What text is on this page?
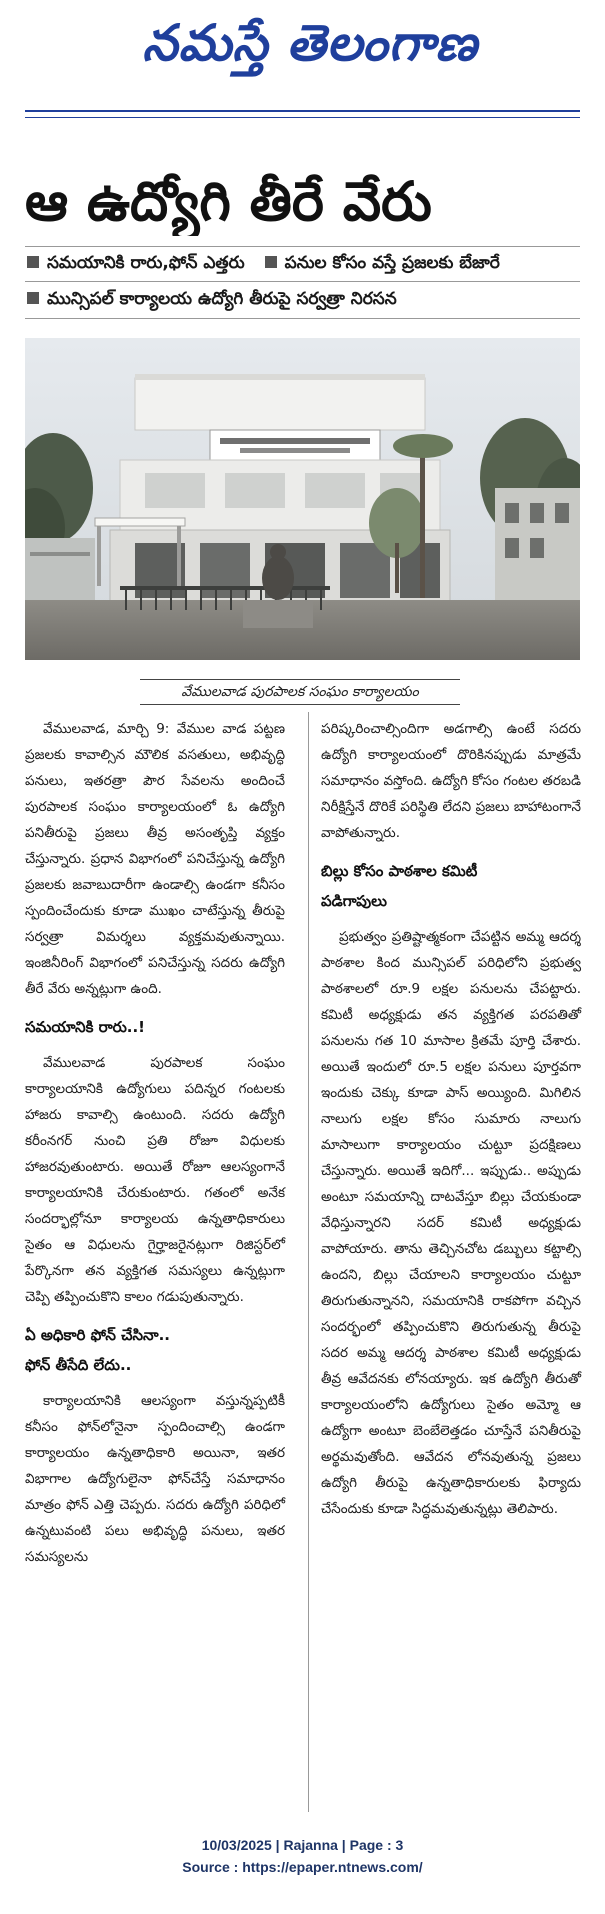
నమస్తే తెలంగాణ
ఆ ఉద్యోగి తీరే వేరు
సమయానికి రారు,ఫోన్ ఎత్తరు పనుల కోసం వస్తే ప్రజలకు బేజారే
మున్సిపల్ కార్యాలయ ఉద్యోగి తీరుపై సర్వత్రా నిరసన
వేములవాడ పురపాలక సంఘం కార్యాలయం

వేములవాడ, మార్చి 9: వేముల వాడ పట్టణ ప్రజలకు కావాల్సిన మౌలిక వసతులు, అభివృద్ధి పనులు, ఇతరత్రా పౌర సేవలను అందించే పురపాలక సంఘం కార్యాలయంలో ఓ ఉద్యోగి పనితీరుపై ప్రజలు తీవ్ర అసంతృప్తి వ్యక్తం చేస్తున్నారు. ప్రధాన విభాగంలో పనిచేస్తున్న ఉద్యోగి ప్రజలకు జవాబుదారీగా ఉండాల్సి ఉండగా కనీసం స్పందించేందుకు కూడా ముఖం చాటేస్తున్న తీరుపై సర్వత్రా విమర్శలు వ్యక్తమవుతున్నాయి. ఇంజినీరింగ్ విభాగంలో పనిచేస్తున్న సదరు ఉద్యోగి తీరే వేరు అన్నట్లుగా ఉంది.

సమయానికి రారు..!

వేములవాడ పురపాలక సంఘం కార్యాలయానికి ఉద్యోగులు పదిన్నర గంటలకు హాజరు కావాల్సి ఉంటుంది. సదరు ఉద్యోగి కరీంనగర్ నుంచి ప్రతి రోజూ విధులకు హాజరవుతుంటారు. అయితే రోజూ ఆలస్యంగానే కార్యాలయానికి చేరుకుంటారు. గతంలో అనేక సందర్భాల్లోనూ కార్యాలయ ఉన్నతాధికారులు సైతం ఆ విధులను గైర్హాజరైనట్లుగా రిజిస్టర్‌లో పేర్కొనగా తన వ్యక్తిగత సమస్యలు ఉన్నట్లుగా చెప్పి తప్పించుకొని కాలం గడుపుతున్నారు.

ఏ అధికారి ఫోన్ చేసినా..
ఫోన్ తీసేది లేదు..

కార్యాలయానికి ఆలస్యంగా వస్తున్నప్పటికీ కనీసం ఫోన్‌లోనైనా స్పందించాల్సి ఉండగా కార్యాలయం ఉన్నతాధికారి అయినా, ఇతర విభాగాల ఉద్యోగులైనా ఫోన్‌చేస్తే సమాధానం మాత్రం ఫోన్ ఎత్తి చెప్పరు. సదరు ఉద్యోగి పరిధిలో ఉన్నటువంటి పలు అభివృద్ధి పనులు, ఇతర సమస్యలను

పరిష్కరించాల్సిందిగా అడగాల్సి ఉంటే సదరు ఉద్యోగి కార్యాలయంలో దొరికినప్పుడు మాత్రమే సమాధానం వస్తోంది. ఉద్యోగి కోసం గంటల తరబడి నిరీక్షిస్తేనే దొరికే పరిస్థితి లేదని ప్రజలు బాహాటంగానే వాపోతున్నారు.

బిల్లు కోసం పాఠశాల కమిటీ
పడిగాపులు

ప్రభుత్వం ప్రతిష్టాత్మకంగా చేపట్టిన అమ్మ ఆదర్శ పాఠశాల కింద మున్సిపల్ పరిధిలోని ప్రభుత్వ పాఠశాలలో రూ.9 లక్షల పనులను చేపట్టారు. కమిటీ అధ్యక్షుడు తన వ్యక్తిగత పరపతితో పనులను గత 10 మాసాల క్రితమే పూర్తి చేశారు. అయితే ఇందులో రూ.5 లక్షల పనులు పూర్తవగా ఇందుకు చెక్కు కూడా పాస్ అయ్యింది. మిగిలిన నాలుగు లక్షల కోసం సుమారు నాలుగు మాసాలుగా కార్యాలయం చుట్టూ ప్రదక్షిణలు చేస్తున్నారు. అయితే ఇదిగో... ఇప్పుడు.. అప్పుడు అంటూ సమయాన్ని దాటవేస్తూ బిల్లు చేయకుండా వేధిస్తున్నారని సదర్ కమిటీ అధ్యక్షుడు వాపోయారు. తాను తెచ్చినచోట డబ్బులు కట్టాల్సి ఉందని, బిల్లు చేయాలని కార్యాలయం చుట్టూ తిరుగుతున్నానని, సమయానికి రాకపోగా వచ్చిన సందర్భంలో తప్పించుకొని తిరుగుతున్న తీరుపై సదర అమ్మ ఆదర్శ పాఠశాల కమిటీ అధ్యక్షుడు తీవ్ర ఆవేదనకు లోనయ్యారు. ఇక ఉద్యోగి తీరుతో కార్యాలయంలోని ఉద్యోగులు సైతం అమ్మో ఆ ఉద్యోగా అంటూ బెంబేలెత్తడం చూస్తేనే పనితీరుపై అర్థమవుతోంది. ఆవేదన లోనవుతున్న ప్రజలు ఉద్యోగి తీరుపై ఉన్నతాధికారులకు ఫిర్యాదు చేసేందుకు కూడా సిద్ధమవుతున్నట్లు తెలిపారు.

10/03/2025 | Rajanna | Page : 3
Source : https://epaper.ntnews.com/
